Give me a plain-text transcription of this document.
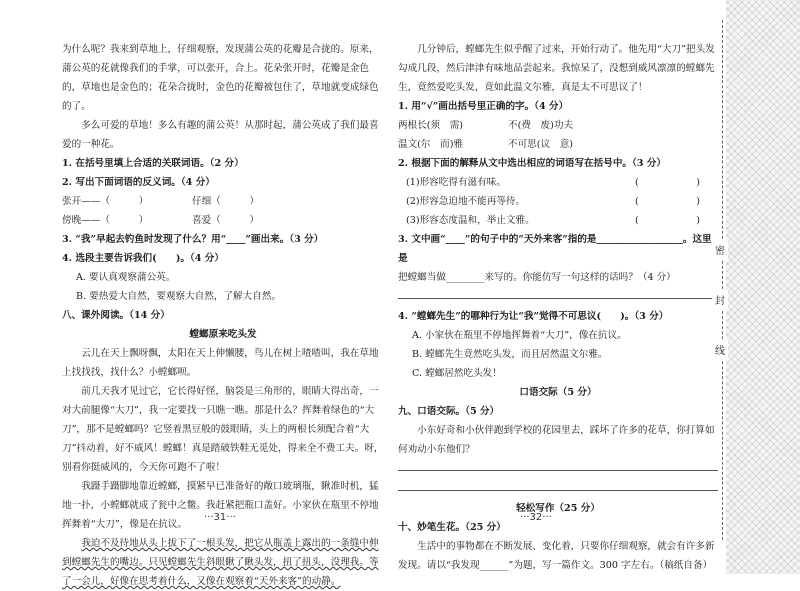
为什么呢？我来到草地上，仔细观察，发现蒲公英的花瓣是合拢的。原来，蒲公英的花就像我们的手掌，可以张开，合上。花朵张开时，花瓣是金色的，草地也是金色的；花朵合拢时，金色的花瓣被包住了，草地就变成绿色的了。

多么可爱的草地！多么有趣的蒲公英！从那时起，蒲公英成了我们最喜爱的一种花。

1. 在括号里填上合适的关联词语。（2 分）

2. 写出下面词语的反义词。（4 分）

张开——（　　　）	仔细（　　　）
傍晚——（　　　）	喜爱（　　　）

3. “我”早起去钓鱼时发现了什么？用“____”画出来。（3 分）

4. 选段主要告诉我们(　　)。（4 分）

A. 要认真观察蒲公英。

B. 要热爱大自然，要观察大自然，了解大自然。

八、课外阅读。（14 分）

螳螂原来吃头发

云儿在天上飘呀飘，太阳在天上伸懒腰，鸟儿在树上喳喳叫，我在草地上找找找，找什么？小螳螂呗。

前几天我才见过它，它长得好怪，脑袋是三角形的，眼睛大得出奇，一对大前腿像“大刀”，我一定要找一只瞧一瞧。那是什么？挥舞着绿色的“大刀”，那不是螳螂吗？它竖着黑豆般的鼓眼睛，头上的两根长须配合着“大刀”抖动着，好不威风！螳螂！真是踏破铁鞋无觅处，得来全不费工夫。呀，别看你挺威风的，今天你可跑不了啦！

我蹑手蹑脚地靠近螳螂，摸紧早已准备好的敞口玻璃瓶，瞅准时机，猛地一扑，小螳螂就成了瓮中之鳖。我赶紧把瓶口盖好。小家伙在瓶里不停地挥舞着“大刀”，像是在抗议。

我迫不及待地从头上拔下了一根头发，把它从瓶盖上露出的一条缝中伸到螳螂先生的嘴边。只见螳螂先生斜眼瞅了瞅头发，扭了扭头，没理我。等了一会儿，好像在思考着什么，又像在观察着“天外来客”的动静。

···31···

几分钟后，螳螂先生似乎醒了过来，开始行动了。他先用“大刀”把头发勾成几段，然后津津有味地品尝起来。我惊呆了，没想到威风凛凛的螳螂先生，竟然爱吃头发，竟如此温文尔雅，真是太不可思议了！

1. 用“√”画出括号里正确的字。（4 分）

两根长(须　需)	不(费　废)功夫
温文(尔　而)雅	不可思(议　意)

2. 根据下面的解释从文中选出相应的词语写在括号中。（3 分）

(1)形容吃得有滋有味。	(　　　　　　)

(2)形容急迫地不能再等待。	(　　　　　　)

(3)形容态度温和，举止文雅。	(　　　　　　)

3. 文中画“____”的句子中的“天外来客”指的是__________________。这里是

把螳螂当做________来写的。你能仿写一句这样的话吗？（4 分）

4. “螳螂先生”的哪种行为让“我”觉得不可思议(　　)。（3 分）

A. 小家伙在瓶里不停地挥舞着“大刀”，像在抗议。

B. 螳螂先生竟然吃头发，而且居然温文尔雅。

C. 螳螂居然吃头发！

口语交际（5 分）

九、口语交际。（5 分）

小东好奇和小伙伴跑到学校的花园里去，踩坏了许多的花草，你打算如何劝动小东他们？

轻松写作（25 分）

十、妙笔生花。（25 分）

生活中的事物都在不断发展、变化着，只要你仔细观察，就会有许多新发现。请以“我发现______”为题，写一篇作文。300 字左右。（稿纸自备）

···32···
密
封
线
